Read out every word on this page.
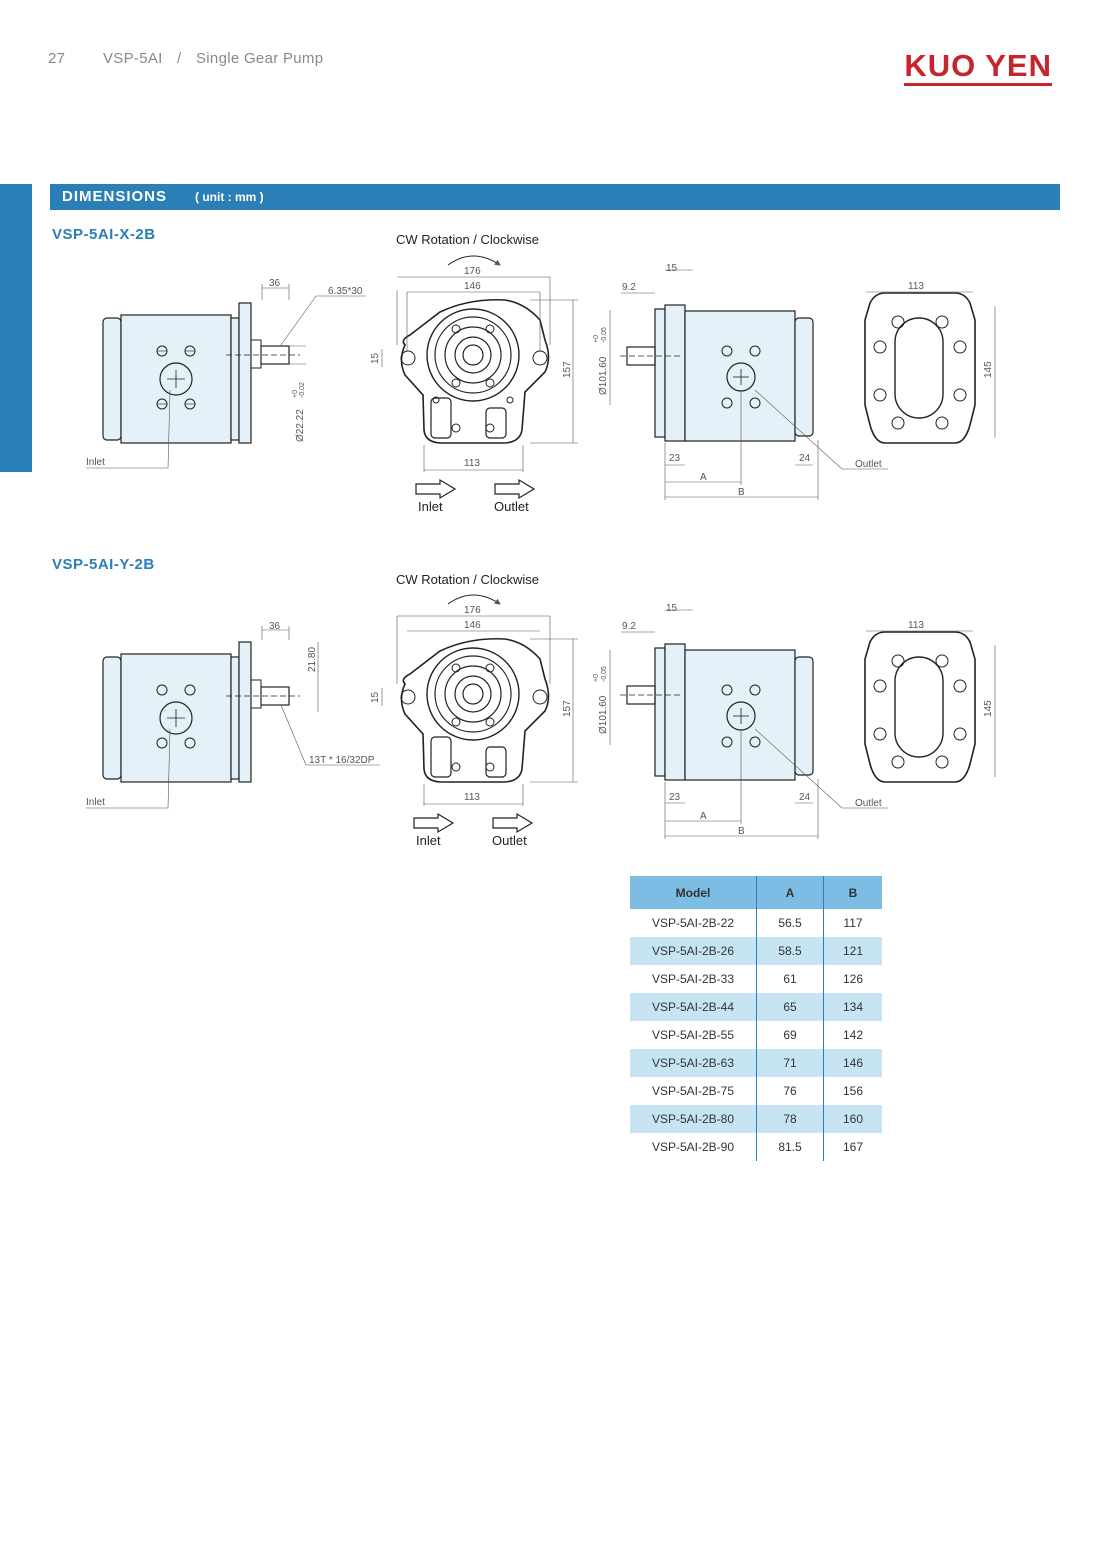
27	VSP-5AI / Single Gear Pump	KUO YEN
DIMENSIONS ( unit : mm )
VSP-5AI-X-2B
VSP-5AI-Y-2B
CW Rotation / Clockwise
36
6.35*30
Ø22.22
+0 -0.02
Inlet
176
146
15
157
113
Inlet	Outlet
15
9.2
Ø101.60
+0 -0.05
23	24
A
B
Outlet
113
145
CW Rotation / Clockwise
36
21.80
13T * 16/32DP
Inlet
176
146
15
157
113
Inlet	Outlet
15
9.2
Ø101.60
+0 -0.05
23	24
A
B
Outlet
113
145
Model	A	B
VSP-5AI-2B-22	56.5	117
VSP-5AI-2B-26	58.5	121
VSP-5AI-2B-33	61	126
VSP-5AI-2B-44	65	134
VSP-5AI-2B-55	69	142
VSP-5AI-2B-63	71	146
VSP-5AI-2B-75	76	156
VSP-5AI-2B-80	78	160
VSP-5AI-2B-90	81.5	167
